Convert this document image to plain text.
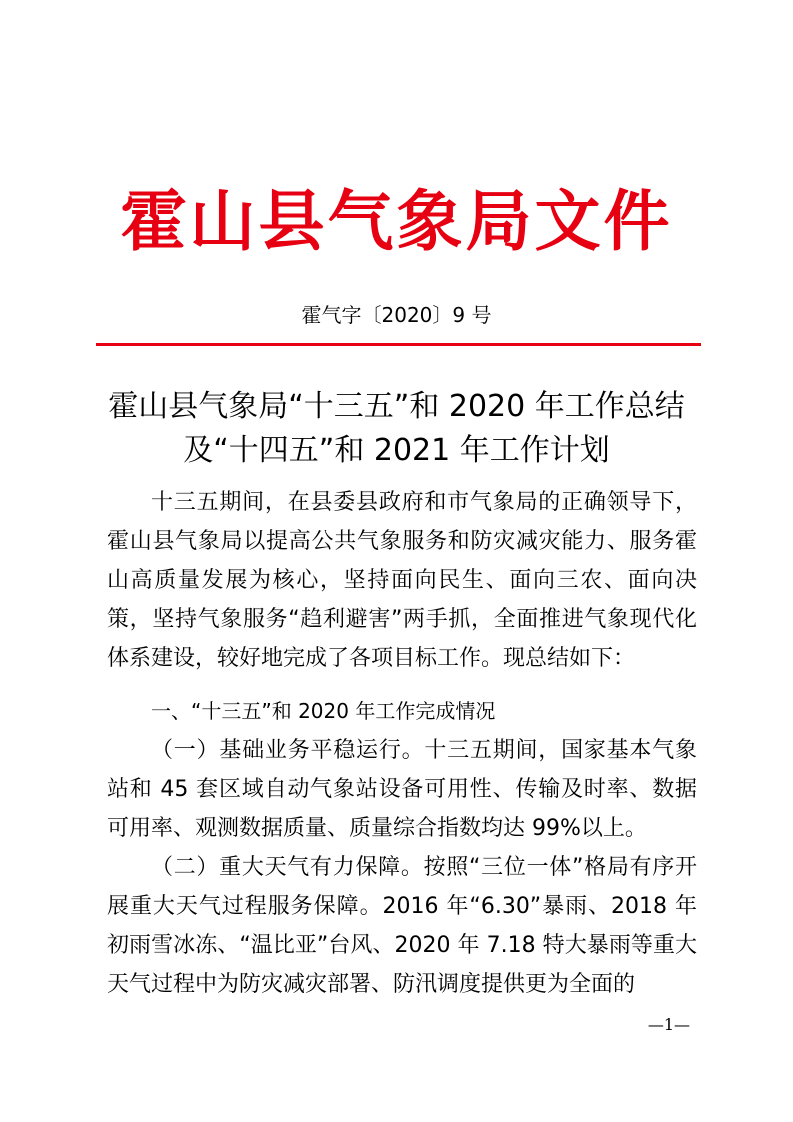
霍山县气象局文件
霍气字〔2020〕9 号
霍山县气象局“十三五”和 2020 年工作总结
及“十四五”和 2021 年工作计划

十三五期间，在县委县政府和市气象局的正确领导下，霍山县气象局以提高公共气象服务和防灾减灾能力、服务霍山高质量发展为核心，坚持面向民生、面向三农、面向决策，坚持气象服务“趋利避害”两手抓，全面推进气象现代化体系建设，较好地完成了各项目标工作。现总结如下：

一、“十三五”和 2020 年工作完成情况

（一）基础业务平稳运行。十三五期间，国家基本气象站和 45 套区域自动气象站设备可用性、传输及时率、数据可用率、观测数据质量、质量综合指数均达 99%以上。

（二）重大天气有力保障。按照“三位一体”格局有序开展重大天气过程服务保障。2016 年“6.30”暴雨、2018 年初雨雪冰冻、“温比亚”台风、2020 年 7.18 特大暴雨等重大天气过程中为防灾减灾部署、防汛调度提供更为全面的

—1—
